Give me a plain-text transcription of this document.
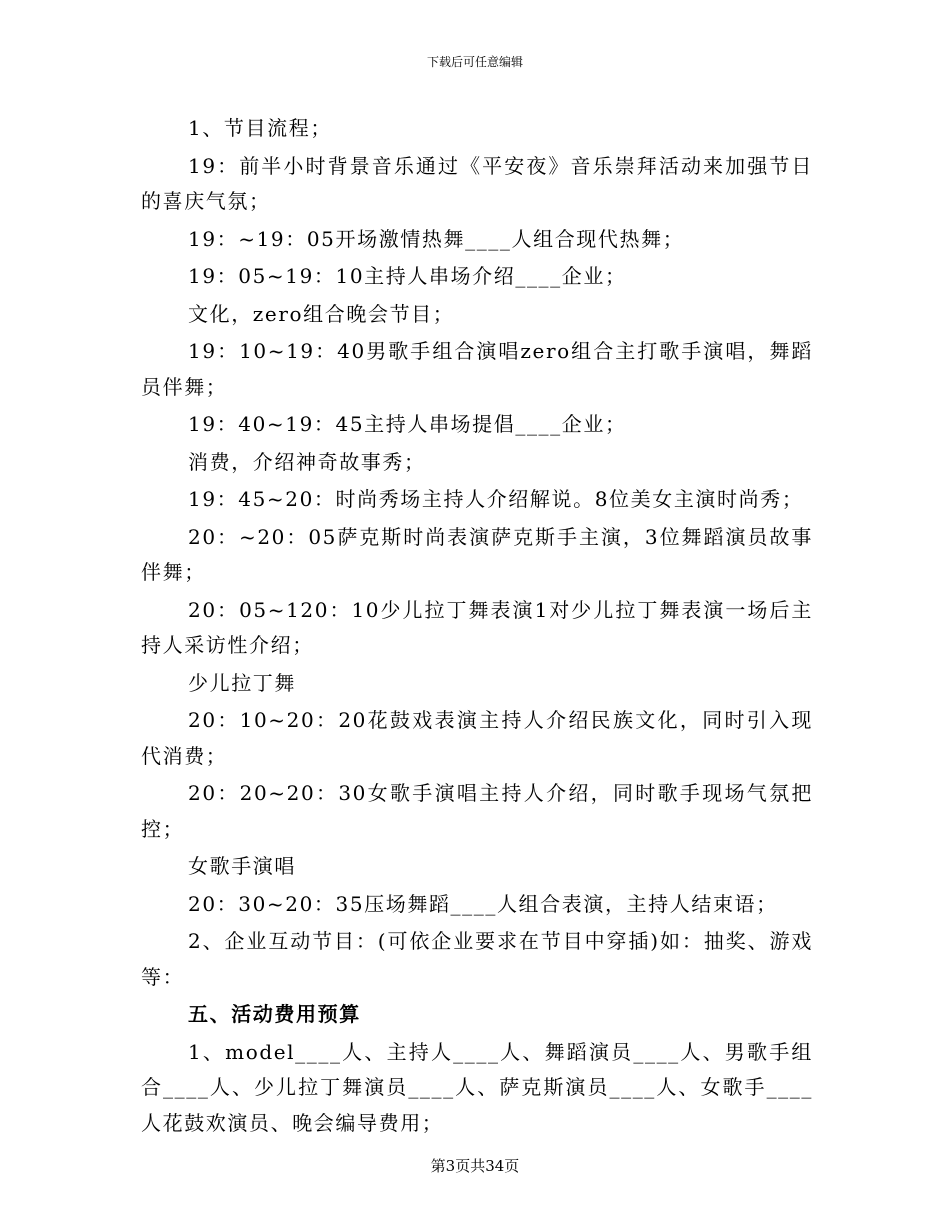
下载后可任意编辑

1、节目流程；

19：前半小时背景音乐通过《平安夜》音乐崇拜活动来加强节日的喜庆气氛；

19：~19：05开场激情热舞____人组合现代热舞；

19：05~19：10主持人串场介绍____企业；

文化，zero组合晚会节目；

19：10~19：40男歌手组合演唱zero组合主打歌手演唱，舞蹈员伴舞；

19：40~19：45主持人串场提倡____企业；

消费，介绍神奇故事秀；

19：45~20：时尚秀场主持人介绍解说。8位美女主演时尚秀；

20：~20：05萨克斯时尚表演萨克斯手主演，3位舞蹈演员故事伴舞；

20：05~120：10少儿拉丁舞表演1对少儿拉丁舞表演一场后主持人采访性介绍；

少儿拉丁舞

20：10~20：20花鼓戏表演主持人介绍民族文化，同时引入现代消费；

20：20~20：30女歌手演唱主持人介绍，同时歌手现场气氛把控；

女歌手演唱

20：30~20：35压场舞蹈____人组合表演，主持人结束语；

2、企业互动节目：(可依企业要求在节目中穿插)如：抽奖、游戏等：

五、活动费用预算

1、model____人、主持人____人、舞蹈演员____人、男歌手组合____人、少儿拉丁舞演员____人、萨克斯演员____人、女歌手____人花鼓欢演员、晚会编导费用；

第3页共34页
